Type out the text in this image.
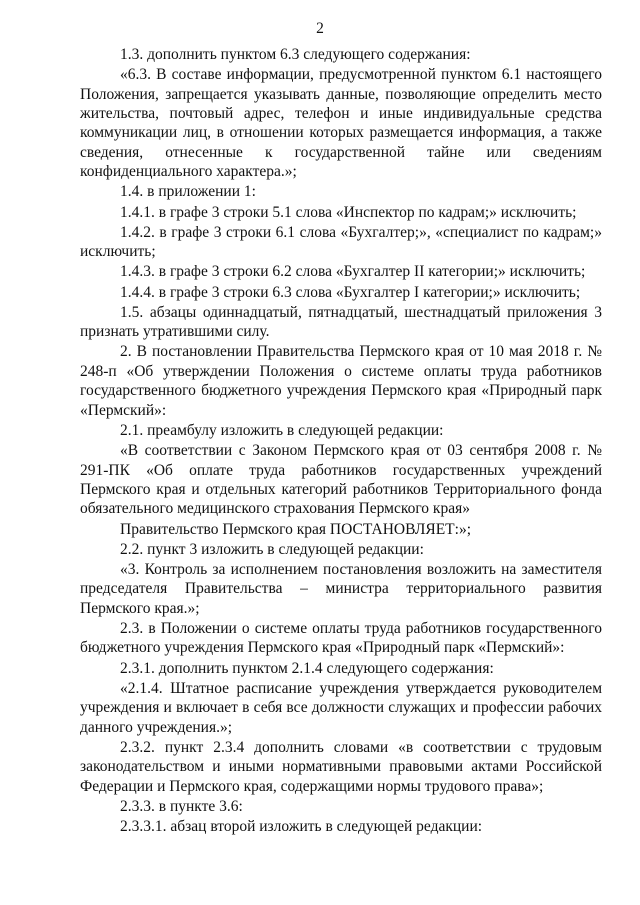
2

1.3. дополнить пунктом 6.3 следующего содержания:

«6.3. В составе информации, предусмотренной пунктом 6.1 настоящего Положения, запрещается указывать данные, позволяющие определить место жительства, почтовый адрес, телефон и иные индивидуальные средства коммуникации лиц, в отношении которых размещается информация, а также сведения, отнесенные к государственной тайне или сведениям конфиденциального характера.»;

1.4. в приложении 1:

1.4.1. в графе 3 строки 5.1 слова «Инспектор по кадрам;» исключить;

1.4.2. в графе 3 строки 6.1 слова «Бухгалтер;», «специалист по кадрам;» исключить;

1.4.3. в графе 3 строки 6.2 слова «Бухгалтер II категории;» исключить;

1.4.4. в графе 3 строки 6.3 слова «Бухгалтер I категории;» исключить;

1.5. абзацы одиннадцатый, пятнадцатый, шестнадцатый приложения 3 признать утратившими силу.

2. В постановлении Правительства Пермского края от 10 мая 2018 г. № 248-п «Об утверждении Положения о системе оплаты труда работников государственного бюджетного учреждения Пермского края «Природный парк «Пермский»:

2.1. преамбулу изложить в следующей редакции:

«В соответствии с Законом Пермского края от 03 сентября 2008 г. № 291-ПК «Об оплате труда работников государственных учреждений Пермского края и отдельных категорий работников Территориального фонда обязательного медицинского страхования Пермского края»

Правительство Пермского края ПОСТАНОВЛЯЕТ:»;

2.2. пункт 3 изложить в следующей редакции:

«3. Контроль за исполнением постановления возложить на заместителя председателя Правительства – министра территориального развития Пермского края.»;

2.3. в Положении о системе оплаты труда работников государственного бюджетного учреждения Пермского края «Природный парк «Пермский»:

2.3.1. дополнить пунктом 2.1.4 следующего содержания:

«2.1.4. Штатное расписание учреждения утверждается руководителем учреждения и включает в себя все должности служащих и профессии рабочих данного учреждения.»;

2.3.2. пункт 2.3.4 дополнить словами «в соответствии с трудовым законодательством и иными нормативными правовыми актами Российской Федерации и Пермского края, содержащими нормы трудового права»;

2.3.3. в пункте 3.6:

2.3.3.1. абзац второй изложить в следующей редакции:
